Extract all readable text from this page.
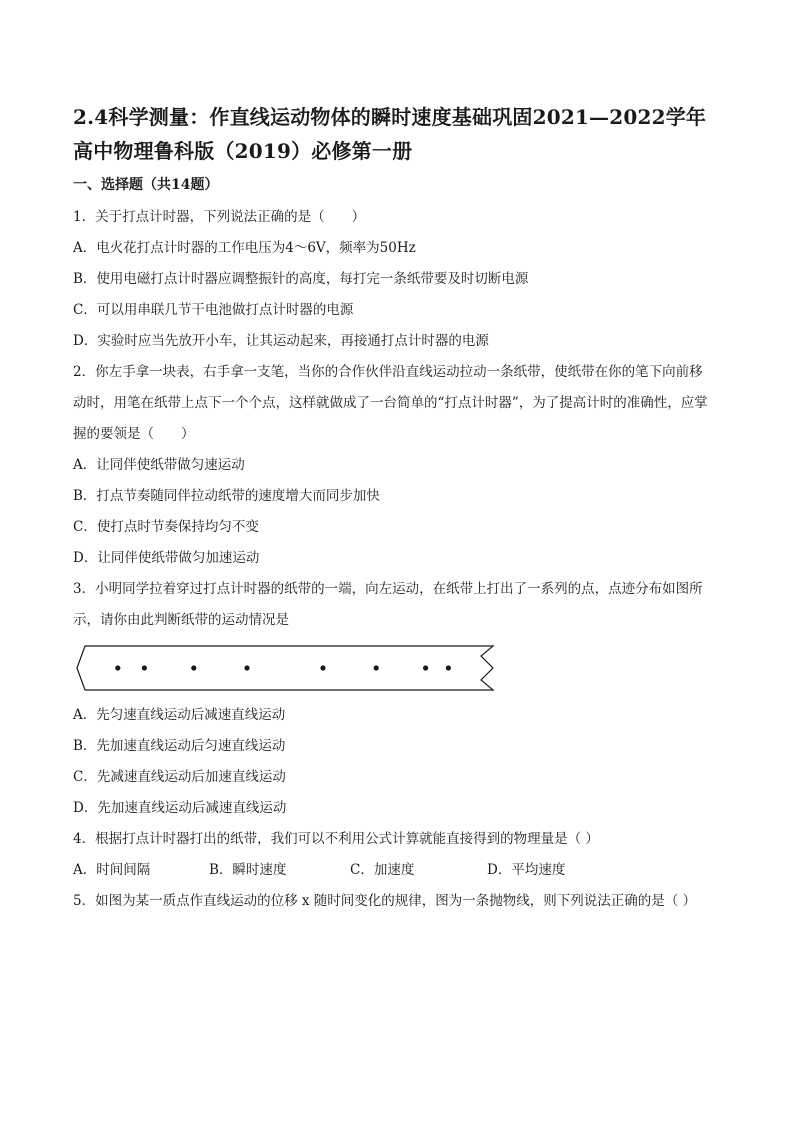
2.4科学测量：作直线运动物体的瞬时速度基础巩固2021—2022学年
高中物理鲁科版（2019）必修第一册
一、选择题（共14题）

1．关于打点计时器，下列说法正确的是（　　）

A．电火花打点计时器的工作电压为4～6V，频率为50Hz

B．使用电磁打点计时器应调整振针的高度，每打完一条纸带要及时切断电源

C．可以用串联几节干电池做打点计时器的电源

D．实验时应当先放开小车，让其运动起来，再接通打点计时器的电源

2．你左手拿一块表，右手拿一支笔，当你的合作伙伴沿直线运动拉动一条纸带，使纸带在你的笔下向前移

动时，用笔在纸带上点下一个个点，这样就做成了一台简单的“打点计时器”，为了提高计时的准确性，应掌

握的要领是（　　）

A．让同伴使纸带做匀速运动

B．打点节奏随同伴拉动纸带的速度增大而同步加快

C．使打点时节奏保持均匀不变

D．让同伴使纸带做匀加速运动

3．小明同学拉着穿过打点计时器的纸带的一端，向左运动，在纸带上打出了一系列的点，点迹分布如图所

示，请你由此判断纸带的运动情况是

A．先匀速直线运动后减速直线运动

B．先加速直线运动后匀速直线运动

C．先减速直线运动后加速直线运动

D．先加速直线运动后减速直线运动

4．根据打点计时器打出的纸带，我们可以不利用公式计算就能直接得到的物理量是（ ）

A．时间间隔	B．瞬时速度	C．加速度	D．平均速度

5．如图为某一质点作直线运动的位移 x 随时间变化的规律，图为一条抛物线，则下列说法正确的是（ ）
